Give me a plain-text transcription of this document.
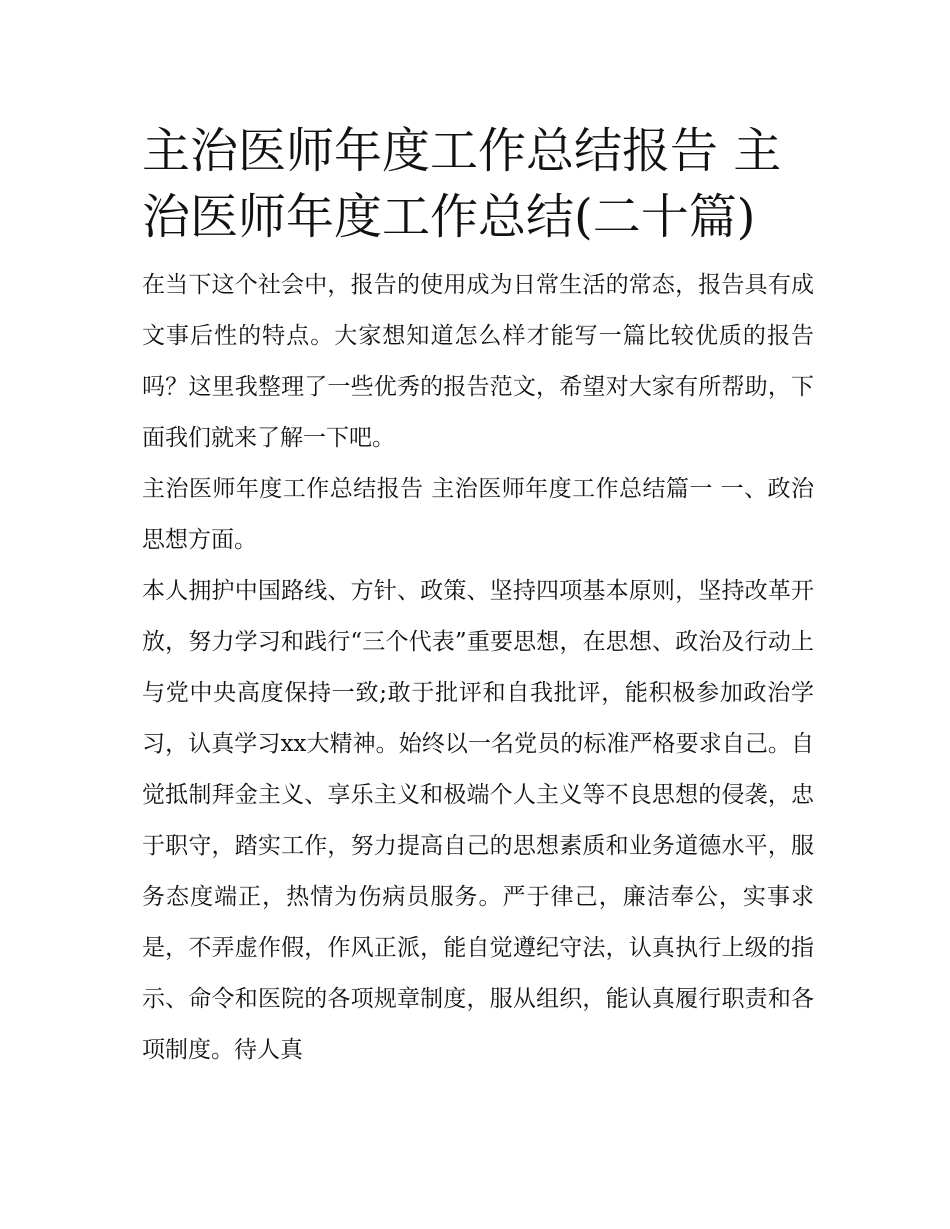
主治医师年度工作总结报告 主治医师年度工作总结(二十篇)

在当下这个社会中，报告的使用成为日常生活的常态，报告具有成文事后性的特点。大家想知道怎么样才能写一篇比较优质的报告吗？这里我整理了一些优秀的报告范文，希望对大家有所帮助，下面我们就来了解一下吧。

主治医师年度工作总结报告 主治医师年度工作总结篇一 一、政治思想方面。

本人拥护中国路线、方针、政策、坚持四项基本原则，坚持改革开放，努力学习和践行“三个代表”重要思想，在思想、政治及行动上与党中央高度保持一致;敢于批评和自我批评，能积极参加政治学习，认真学习xx大精神。始终以一名党员的标准严格要求自己。自觉抵制拜金主义、享乐主义和极端个人主义等不良思想的侵袭，忠于职守，踏实工作，努力提高自己的思想素质和业务道德水平，服务态度端正，热情为伤病员服务。严于律己，廉洁奉公，实事求是，不弄虚作假，作风正派，能自觉遵纪守法，认真执行上级的指示、命令和医院的各项规章制度，服从组织，能认真履行职责和各项制度。待人真
